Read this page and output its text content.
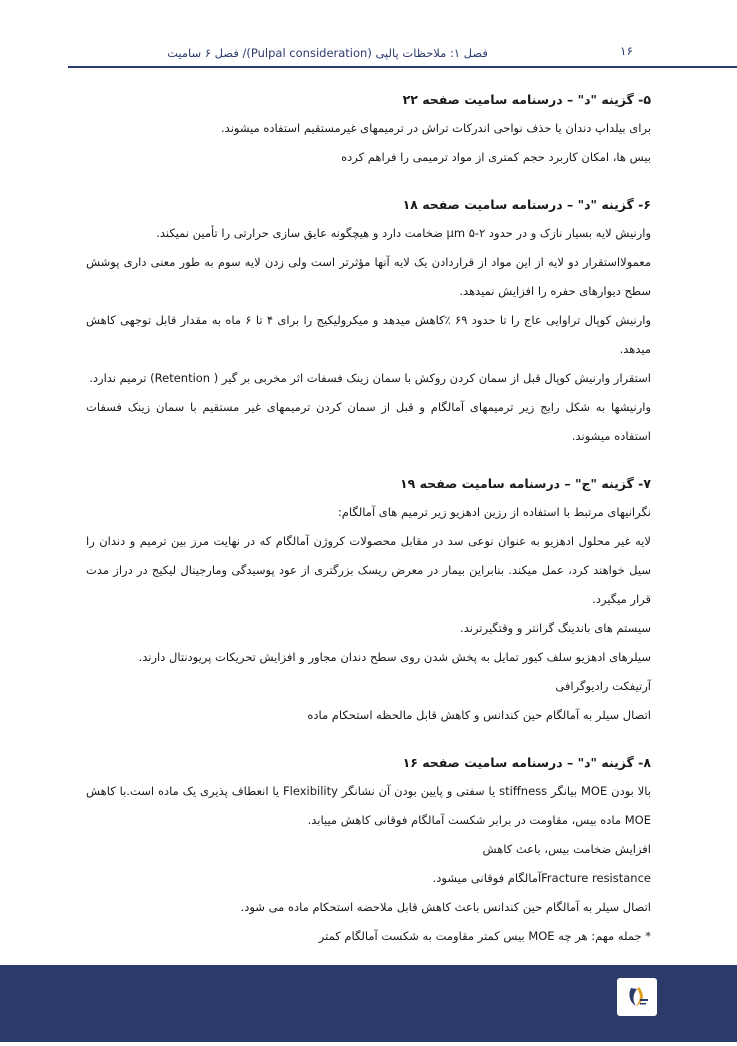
۱۶
فصل ۱: ملاحظات پالپی (Pulpal consideration)/ فصل ۶ سامیت

۵- گزینه "د" – درسنامه سامیت صفحه ۲۲

برای بیلداپ دندان یا حذف نواحی اندرکات تراش در ترمیمهای غیرمستقیم استفاده میشوند.

بیس ها، امکان کاربرد حجم کمتری از مواد ترمیمی را فراهم کرده

۶- گزینه "د" – درسنامه سامیت صفحه ۱۸

وارنیش لایه بسیار نازک و در حدود ۲-۵ μm ضخامت دارد و هیچگونه عایق سازی حرارتی را تأمین نمیکند.

معمولااستقرار دو لایه از این مواد از قراردادن یک لایه آنها مؤثرتر است ولی زدن لایه سوم به طور معنی داری پوشش سطح دیوارهای حفره را افزایش نمیدهد.

وارنیش کوپال تراوایی عاج را تا حدود ۶۹ ٪کاهش میدهد و میکرولیکیج را برای ۴ تا ۶ ماه به مقدار قابل توجهی کاهش میدهد.

استقرار وارنیش کوپال قبل از سمان کردن روکش با سمان زینک فسفات اثر مخربی بر گیر ( Retention) ترمیم ندارد.

وارنیشها به شکل رایج زیر ترمیمهای آمالگام و قبل از سمان کردن ترمیمهای غیر مستقیم با سمان زینک فسفات استفاده میشوند.

۷- گزینه "ج" – درسنامه سامیت صفحه ۱۹

نگرانیهای مرتبط با استفاده از رزین ادهزیو زیر ترمیم های آمالگام:

لایه غیر محلول ادهزیو به عنوان نوعی سد در مقابل محصولات کروژن آمالگام که در نهایت مرز بین ترمیم و دندان را سیل خواهند کرد، عمل میکند. بنابراین بیمار در معرض ریسک بزرگتری از عود پوسیدگی ومارجینال لیکیج در دراز مدت قرار میگیرد.

سیستم های باندینگ گرانتر و وقتگیرترند.

سیلرهای ادهزیو سلف کیور تمایل به پخش شدن روی سطح دندان مجاور و افزایش تحریکات پریودنتال دارند.

آرتیفکت رادیوگرافی

اتصال سیلر به آمالگام حین کندانس و کاهش قابل مالحظه استحکام ماده

۸- گزینه "د" – درسنامه سامیت صفحه ۱۶

بالا بودن MOE بیانگر stiffness یا سفتی و پایین بودن آن نشانگر Flexibility یا انعطاف پذیری یک ماده است.با کاهش MOE ماده بیس، مقاومت در برابر شکست آمالگام فوقانی کاهش مییابد.

افزایش ضخامت بیس، باعث کاهش

Fracture resistanceآمالگام فوقانی میشود.

اتصال سیلر به آمالگام حین کندانس باعث کاهش قابل ملاحضه استحکام ماده می شود.

* جمله مهم: هر چه MOE بیس کمتر مقاومت به شکست آمالگام کمتر
